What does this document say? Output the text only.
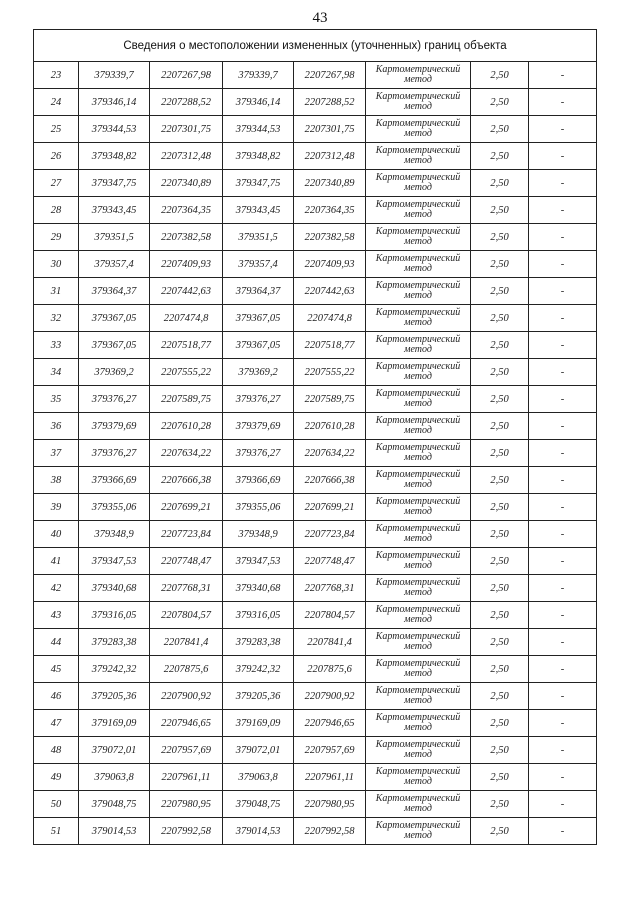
43
Сведения о местоположении измененных (уточненных) границ объекта							
23	379339,7	2207267,98	379339,7	2207267,98	Картометрический метод	2,50	-
24	379346,14	2207288,52	379346,14	2207288,52	Картометрический метод	2,50	-
25	379344,53	2207301,75	379344,53	2207301,75	Картометрический метод	2,50	-
26	379348,82	2207312,48	379348,82	2207312,48	Картометрический метод	2,50	-
27	379347,75	2207340,89	379347,75	2207340,89	Картометрический метод	2,50	-
28	379343,45	2207364,35	379343,45	2207364,35	Картометрический метод	2,50	-
29	379351,5	2207382,58	379351,5	2207382,58	Картометрический метод	2,50	-
30	379357,4	2207409,93	379357,4	2207409,93	Картометрический метод	2,50	-
31	379364,37	2207442,63	379364,37	2207442,63	Картометрический метод	2,50	-
32	379367,05	2207474,8	379367,05	2207474,8	Картометрический метод	2,50	-
33	379367,05	2207518,77	379367,05	2207518,77	Картометрический метод	2,50	-
34	379369,2	2207555,22	379369,2	2207555,22	Картометрический метод	2,50	-
35	379376,27	2207589,75	379376,27	2207589,75	Картометрический метод	2,50	-
36	379379,69	2207610,28	379379,69	2207610,28	Картометрический метод	2,50	-
37	379376,27	2207634,22	379376,27	2207634,22	Картометрический метод	2,50	-
38	379366,69	2207666,38	379366,69	2207666,38	Картометрический метод	2,50	-
39	379355,06	2207699,21	379355,06	2207699,21	Картометрический метод	2,50	-
40	379348,9	2207723,84	379348,9	2207723,84	Картометрический метод	2,50	-
41	379347,53	2207748,47	379347,53	2207748,47	Картометрический метод	2,50	-
42	379340,68	2207768,31	379340,68	2207768,31	Картометрический метод	2,50	-
43	379316,05	2207804,57	379316,05	2207804,57	Картометрический метод	2,50	-
44	379283,38	2207841,4	379283,38	2207841,4	Картометрический метод	2,50	-
45	379242,32	2207875,6	379242,32	2207875,6	Картометрический метод	2,50	-
46	379205,36	2207900,92	379205,36	2207900,92	Картометрический метод	2,50	-
47	379169,09	2207946,65	379169,09	2207946,65	Картометрический метод	2,50	-
48	379072,01	2207957,69	379072,01	2207957,69	Картометрический метод	2,50	-
49	379063,8	2207961,11	379063,8	2207961,11	Картометрический метод	2,50	-
50	379048,75	2207980,95	379048,75	2207980,95	Картометрический метод	2,50	-
51	379014,53	2207992,58	379014,53	2207992,58	Картометрический метод	2,50	-
